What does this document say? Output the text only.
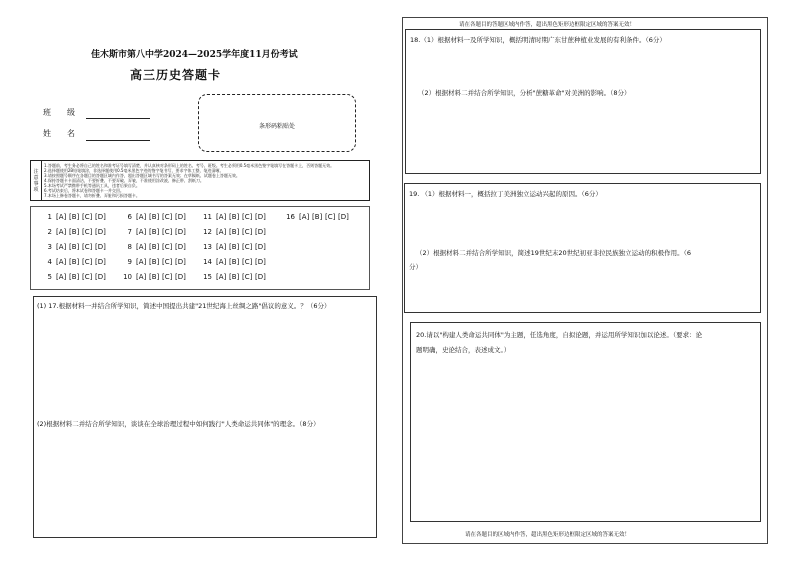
佳木斯市第八中学2024—2025学年度11月份考试
高三历史答题卡
班　　级
姓　　名
条形码粘贴处
注
意
事
项
1.答题前，考生务必将自己的姓名和准考证号填写清楚，并认真核对条形码上的姓名、考号、班级。考生必须用0.5毫米黑色签字笔填写在答题卡上，否则答题无效。
2.选择题使用2B铅笔填涂，非选择题使用0.5毫米黑色字迹的签字笔书写，要求字体工整、笔迹清晰。
3.请按照题号顺序在各题目的答题区域内作答，超出答题区域书写的答案无效；在草稿纸、试题卷上答题无效。
4.保持答题卡卡面清洁，不要折叠、不要弄破、弄皱，不准使用涂改液、修正带、刮纸刀。
5.本场考试严禁携带手机等通讯工具，违者后果自负。
6.考试结束后，将本试卷和答题卡一并交回。
7.本场上修卷答题卡，请勿折叠、弄脏和污损答题卡。
1 [A] [B] [C] [D]
2 [A] [B] [C] [D]
3 [A] [B] [C] [D]
4 [A] [B] [C] [D]
5 [A] [B] [C] [D]
6 [A] [B] [C] [D]
7 [A] [B] [C] [D]
8 [A] [B] [C] [D]
9 [A] [B] [C] [D]
10 [A] [B] [C] [D]
11 [A] [B] [C] [D]
12 [A] [B] [C] [D]
13 [A] [B] [C] [D]
14 [A] [B] [C] [D]
15 [A] [B] [C] [D]
16 [A] [B] [C] [D]
(1) 17.根据材料一并结合所学知识，简述中国提出共建"21世纪海上丝绸之路"倡议的意义。？（6分）
(2)根据材料二并结合所学知识，谈谈在全球治理过程中如何践行"人类命运共同体"的理念。（8分）
请在各题目的答题区域内作答，超出黑色矩形边框限定区域的答案无效！
18.（1）根据材料一及所学知识，概括明清时期广东甘蔗种植业发展的有利条件。（6分）
（2）根据材料二并结合所学知识，分析"蔗糖革命"对美洲的影响。（8分）
19. （1）根据材料一，概括拉丁美洲独立运动兴起的原因。（6分）
（2）根据材料二并结合所学知识，简述19世纪末20世纪初亚非拉民族独立运动的积极作用。（6
分）
20.请以"构建人类命运共同体"为主题，任选角度，自拟论题，并运用所学知识加以论述。（要求：论
题明确，史论结合，表述成文。）
请在各题目的区域内作答，超出黑色矩形边框限定区域的答案无效！
